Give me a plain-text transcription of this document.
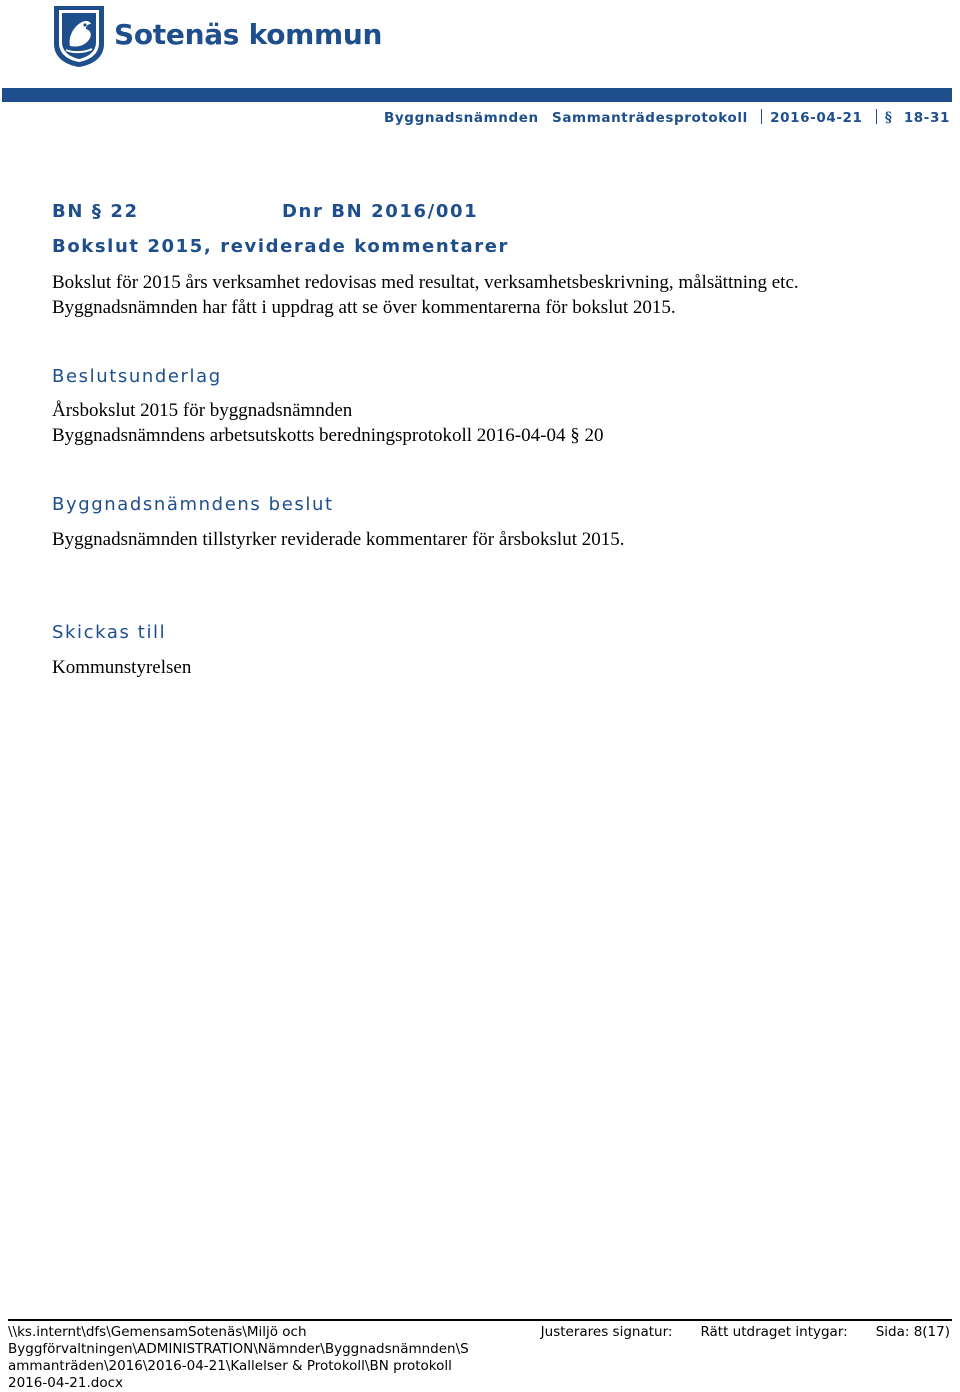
Sotenäs kommun
Byggnadsnämnden Sammanträdesprotokoll 2016-04-21 § 18-31
BN § 22	Dnr BN 2016/001
Bokslut 2015, reviderade kommentarer
Bokslut för 2015 års verksamhet redovisas med resultat, verksamhetsbeskrivning, målsättning etc.
Byggnadsnämnden har fått i uppdrag att se över kommentarerna för bokslut 2015.
Beslutsunderlag
Årsbokslut 2015 för byggnadsnämnden
Byggnadsnämndens arbetsutskotts beredningsprotokoll 2016-04-04 § 20
Byggnadsnämndens beslut
Byggnadsnämnden tillstyrker reviderade kommentarer för årsbokslut 2015.
Skickas till
Kommunstyrelsen
\\ks.internt\dfs\GemensamSotenäs\Miljö och
Byggförvaltningen\ADMINISTRATION\Nämnder\Byggnadsnämnden\S
ammanträden\2016\2016-04-21\Kallelser & Protokoll\BN protokoll
2016-04-21.docx
Justerares signatur: Rätt utdraget intygar: Sida: 8(17)
